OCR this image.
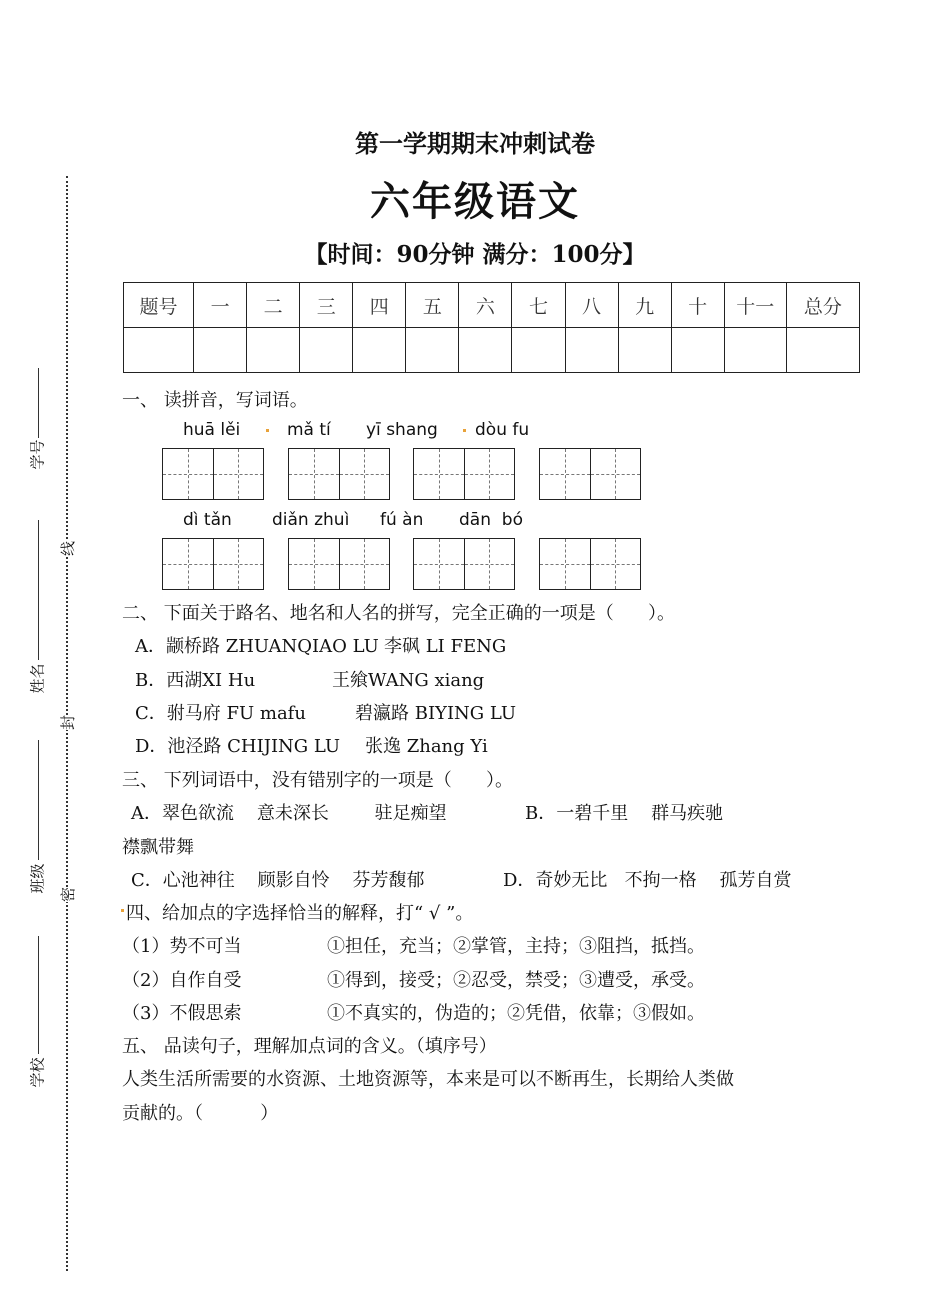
学号
姓名
班级
学校
线
封
密
第一学期期末冲刺试卷
六年级语文
【时间：90分钟 满分：100分】
题号	一	二	三	四	五	六	七	八	九	十	十一	总分

一、 读拼音，写词语。
huā lěi	mǎ tí yī shang dòu fu
dì tǎn diǎn zhuì fú àn dān  bó
二、 下面关于路名、地名和人名的拼写，完全正确的一项是（      ）。
A．颛桥路 ZHUANQIAO LU 李砜 LI FENG
B．西湖XI Hu	王飨WANG xiang
C．驸马府 FU mafu	碧瀛路 BIYING LU
D．池泾路 CHIJING LU 张逸 Zhang Yi
三、 下列词语中，没有错别字的一项是（      ）。
A．翠色欲流    意未深长        驻足痴望	B．一碧千里    群马疾驰
襟飘带舞
C．心池神往    顾影自怜    芬芳馥郁	D．奇妙无比   不拘一格    孤芳自赏
四、给加点的字选择恰当的解释，打“ √ ”。
（1）势不可当	①担任，充当；②掌管，主持；③阻挡，抵挡。
（2）自作自受	①得到，接受；②忍受，禁受；③遭受，承受。
（3）不假思索	①不真实的，伪造的；②凭借，依靠；③假如。
五、 品读句子，理解加点词的含义。（填序号）
人类生活所需要的水资源、土地资源等，本来是可以不断再生，长期给人类做
贡献的。（          ）
